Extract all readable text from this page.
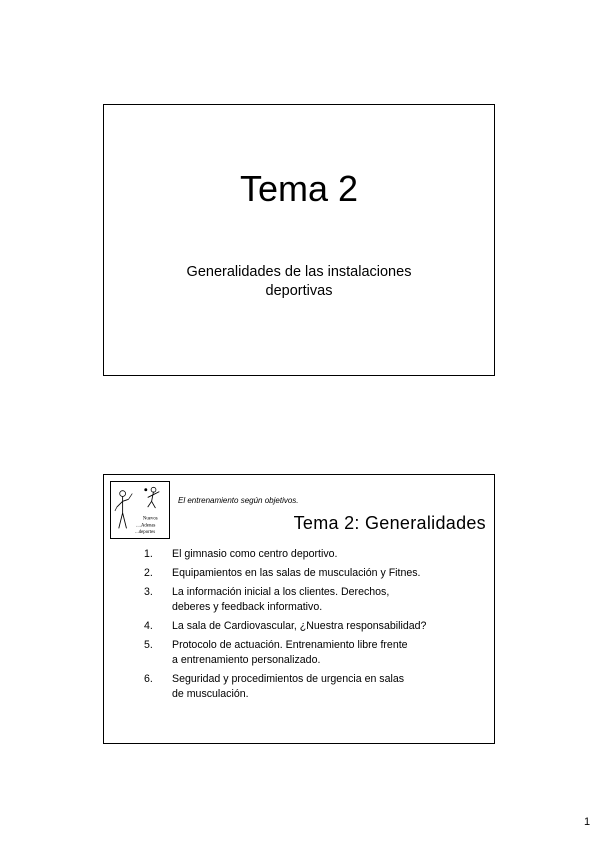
Tema 2
Generalidades de las instalaciones
deportivas
Nuevos
....Adenas
...deportes
El entrenamiento según objetivos.
Tema 2: Generalidades
1. El gimnasio como centro deportivo.
2. Equipamientos en las salas de musculación y Fitnes.
3. La información inicial a los clientes. Derechos,
deberes y feedback informativo.
4. La sala de Cardiovascular, ¿Nuestra responsabilidad?
5. Protocolo de actuación. Entrenamiento libre frente
a entrenamiento personalizado.
6. Seguridad y procedimientos de urgencia en salas
de musculación.
1
